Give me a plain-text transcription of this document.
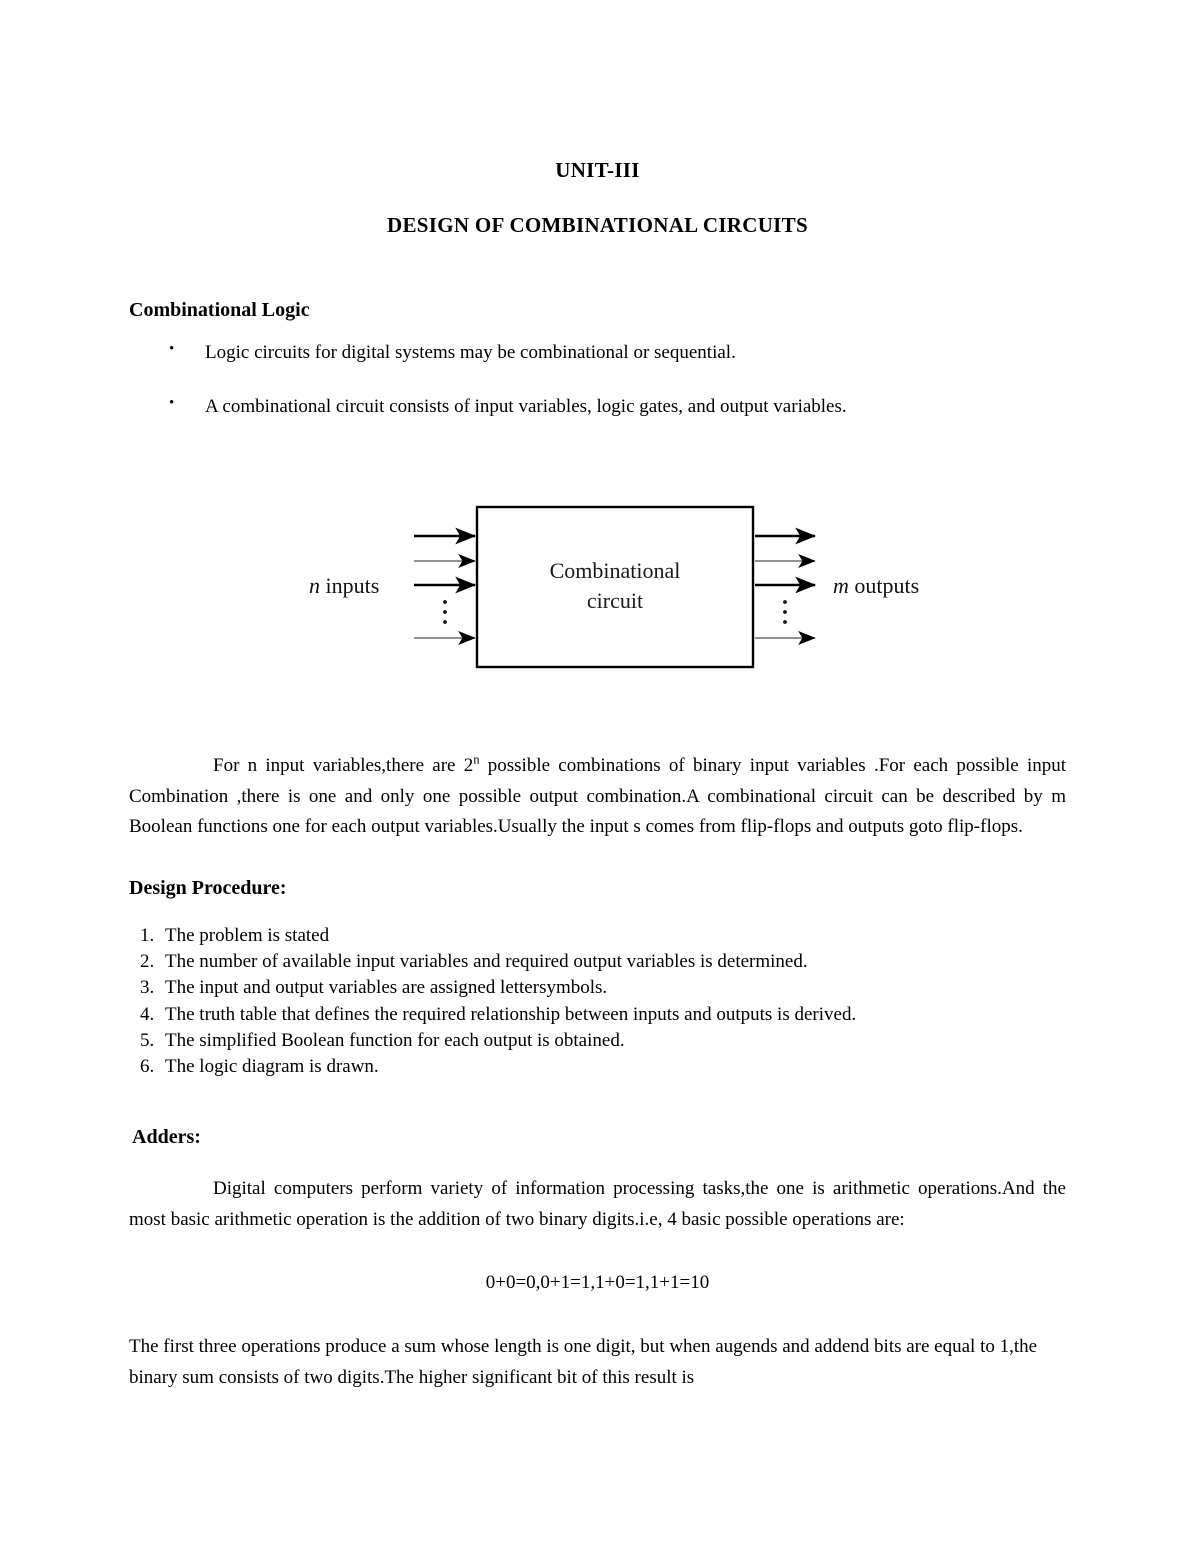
UNIT-III
DESIGN OF COMBINATIONAL CIRCUITS
Combinational Logic
• Logic circuits for digital systems may be combinational or sequential.
• A combinational circuit consists of input variables, logic gates, and output variables.
Combinational
circuit
n inputs	m outputs

For n input variables,there are 2$^n$ possible combinations of binary input variables .For each possible input Combination ,there is one and only one possible output combination.A combinational circuit can be described by m Boolean functions one for each output variables.Usually the input s comes from flip-flops and outputs goto flip-flops.

Design Procedure:
The problem is stated
The number of available input variables and required output variables is determined.
The input and output variables are assigned lettersymbols.
The truth table that defines the required relationship between inputs and outputs is derived.
The simplified Boolean function for each output is obtained.
The logic diagram is drawn.
Adders:

Digital computers perform variety of information processing tasks,the one is arithmetic operations.And the most basic arithmetic operation is the addition of two binary digits.i.e, 4 basic possible operations are:

0+0=0,0+1=1,1+0=1,1+1=10

The first three operations produce a sum whose length is one digit, but when augends and addend bits are equal to 1,the binary sum consists of two digits.The higher significant bit of this result is
